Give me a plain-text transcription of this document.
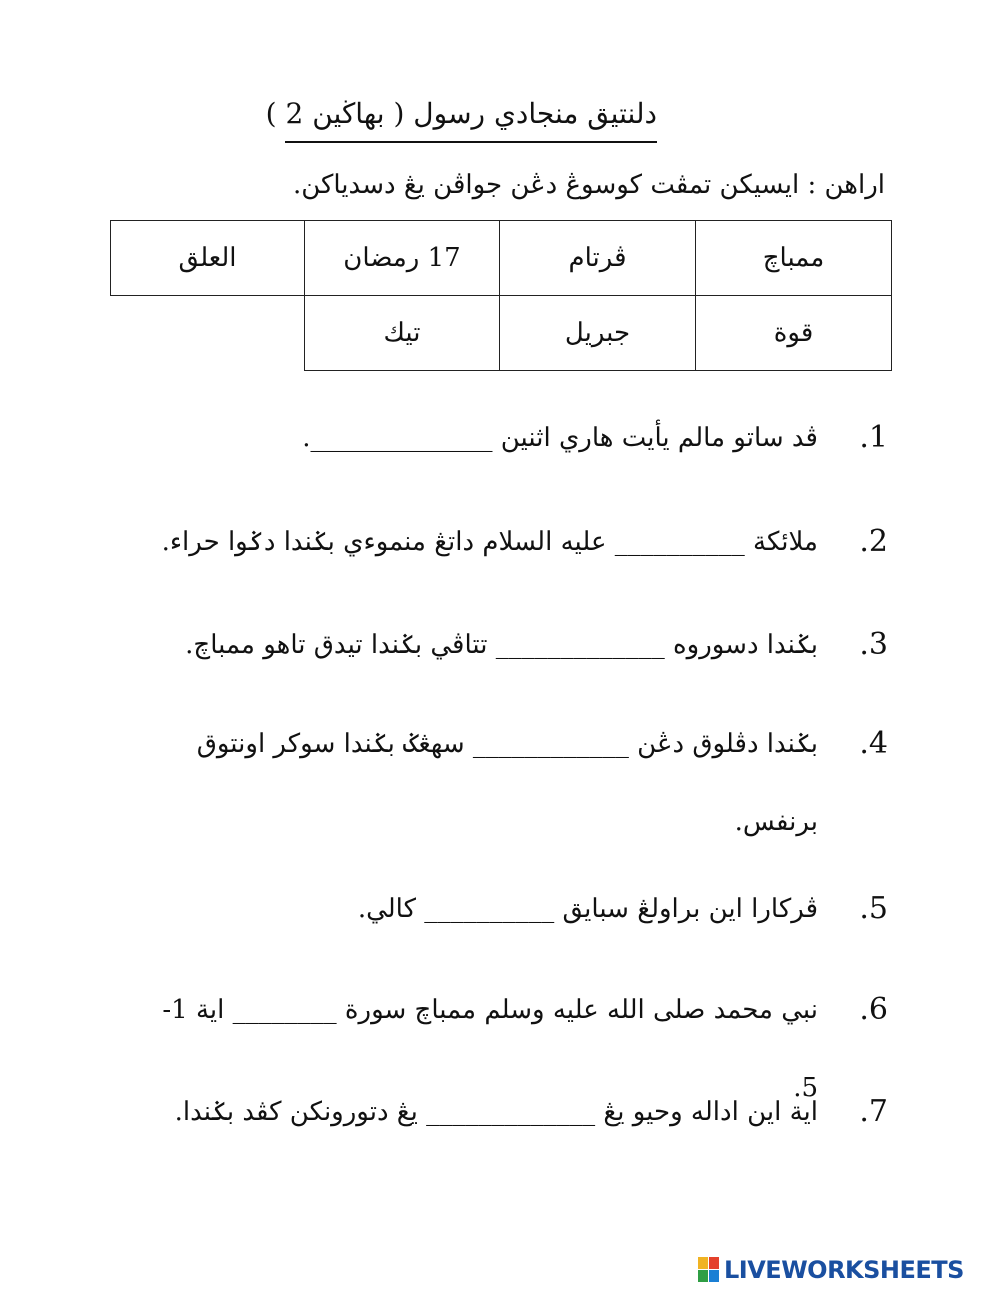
دلنتيق منجادي رسول ( بهاڬين 2 )
اراهن : ايسيكن تمڤت كوسوڠ دڠن جواڤن يڠ دسدياكن.
ممباچ
ڤرتام
17 رمضان
العلق
قوة
جبريل
تيك
1.
ڤد ساتو مالم يأيت هاري اثنين ______________.
2.
ملائكة __________ عليه السلام داتڠ منموءي بݢندا دݢوا حراء.
3.
بݢندا دسوروه _____________ تتاڤي بݢندا تيدق تاهو ممباچ.
4.
بݢندا دڤلوق دڠن ____________ سهڠݢ بݢندا سوكر اونتوق برنفس.
5.
ڤركارا اين براولڠ سبايق __________ كالي.
6.
نبي محمد صلى الله عليه وسلم ممباچ سورة ________ اية 1-5.
7.
اية اين اداله وحيو يڠ _____________ يڠ دتورونكن كڤد بݢندا.
LIVEWORKSHEETS
